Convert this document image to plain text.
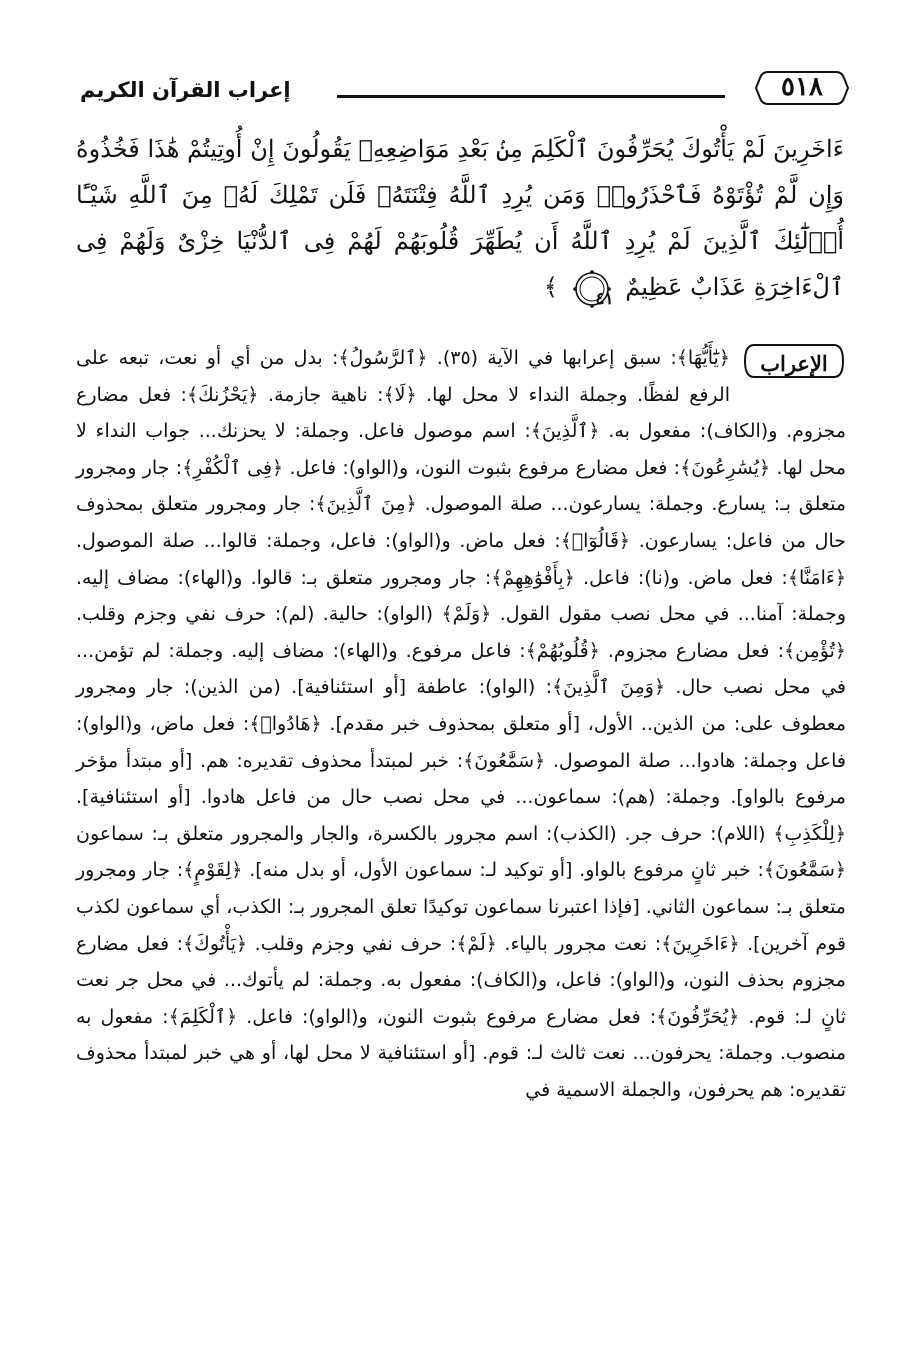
٥١٨
إعراب القرآن الكريم
ءَاخَرِينَ لَمْ يَأْتُوكَ يُحَرِّفُونَ ٱلْكَلِمَ مِنۢ بَعْدِ مَوَاضِعِهِۦ يَقُولُونَ إِنْ أُوتِيتُمْ هَٰذَا فَخُذُوهُ وَإِن لَّمْ تُؤْتَوْهُ فَٱحْذَرُوا۟ وَمَن يُرِدِ ٱللَّهُ فِتْنَتَهُۥ فَلَن تَمْلِكَ لَهُۥ مِنَ ٱللَّهِ شَيْـًٔا أُو۟لَٰٓئِكَ ٱلَّذِينَ لَمْ يُرِدِ ٱللَّهُ أَن يُطَهِّرَ قُلُوبَهُمْ لَهُمْ فِى ٱلدُّنْيَا خِزْىٌ وَلَهُمْ فِى ٱلْءَاخِرَةِ عَذَابٌ عَظِيمٌ
٤١
﴾
الإعراب
﴿يَٰٓأَيُّهَا﴾: سبق إعرابها في الآية (٣٥). ﴿ٱلرَّسُولُ﴾: بدل من أي أو نعت، تبعه على الرفع لفظًا. وجملة النداء لا محل لها. ﴿لَا﴾: ناهية جازمة. ﴿يَحْزُنكَ﴾: فعل مضارع مجزوم. و(الكاف): مفعول به. ﴿ٱلَّذِينَ﴾: اسم موصول فاعل. وجملة: لا يحزنك... جواب النداء لا محل لها. ﴿يُسَٰرِعُونَ﴾: فعل مضارع مرفوع بثبوت النون، و(الواو): فاعل. ﴿فِى ٱلْكُفْرِ﴾: جار ومجرور متعلق بـ: يسارع. وجملة: يسارعون... صلة الموصول. ﴿مِنَ ٱلَّذِينَ﴾: جار ومجرور متعلق بمحذوف حال من فاعل: يسارعون. ﴿قَالُوٓا۟﴾: فعل ماض. و(الواو): فاعل، وجملة: قالوا... صلة الموصول. ﴿ءَامَنَّا﴾: فعل ماض. و(نا): فاعل. ﴿بِأَفْوَٰهِهِمْ﴾: جار ومجرور متعلق بـ: قالوا. و(الهاء): مضاف إليه. وجملة: آمنا... في محل نصب مقول القول. ﴿وَلَمْ﴾ (الواو): حالية. (لم): حرف نفي وجزم وقلب. ﴿تُؤْمِن﴾: فعل مضارع مجزوم. ﴿قُلُوبُهُمْ﴾: فاعل مرفوع. و(الهاء): مضاف إليه. وجملة: لم تؤمن... في محل نصب حال. ﴿وَمِنَ ٱلَّذِينَ﴾: (الواو): عاطفة [أو استئنافية]. (من الذين): جار ومجرور معطوف على: من الذين.. الأول، [أو متعلق بمحذوف خبر مقدم]. ﴿هَادُوا۟﴾: فعل ماض، و(الواو): فاعل وجملة: هادوا... صلة الموصول. ﴿سَمَّٰعُونَ﴾: خبر لمبتدأ محذوف تقديره: هم. [أو مبتدأ مؤخر مرفوع بالواو]. وجملة: (هم): سماعون... في محل نصب حال من فاعل هادوا. [أو استئنافية]. ﴿لِلْكَذِبِ﴾ (اللام): حرف جر. (الكذب): اسم مجرور بالكسرة، والجار والمجرور متعلق بـ: سماعون ﴿سَمَّٰعُونَ﴾: خبر ثانٍ مرفوع بالواو. [أو توكيد لـ: سماعون الأول، أو بدل منه]. ﴿لِقَوْمٍ﴾: جار ومجرور متعلق بـ: سماعون الثاني. [فإذا اعتبرنا سماعون توكيدًا تعلق المجرور بـ: الكذب، أي سماعون لكذب قوم آخرين]. ﴿ءَاخَرِينَ﴾: نعت مجرور بالياء. ﴿لَمْ﴾: حرف نفي وجزم وقلب. ﴿يَأْتُوكَ﴾: فعل مضارع مجزوم بحذف النون، و(الواو): فاعل، و(الكاف): مفعول به. وجملة: لم يأتوك... في محل جر نعت ثانٍ لـ: قوم. ﴿يُحَرِّفُونَ﴾: فعل مضارع مرفوع بثبوت النون، و(الواو): فاعل. ﴿ٱلْكَلِمَ﴾: مفعول به منصوب. وجملة: يحرفون... نعت ثالث لـ: قوم. [أو استئنافية لا محل لها، أو هي خبر لمبتدأ محذوف تقديره: هم يحرفون، والجملة الاسمية في
